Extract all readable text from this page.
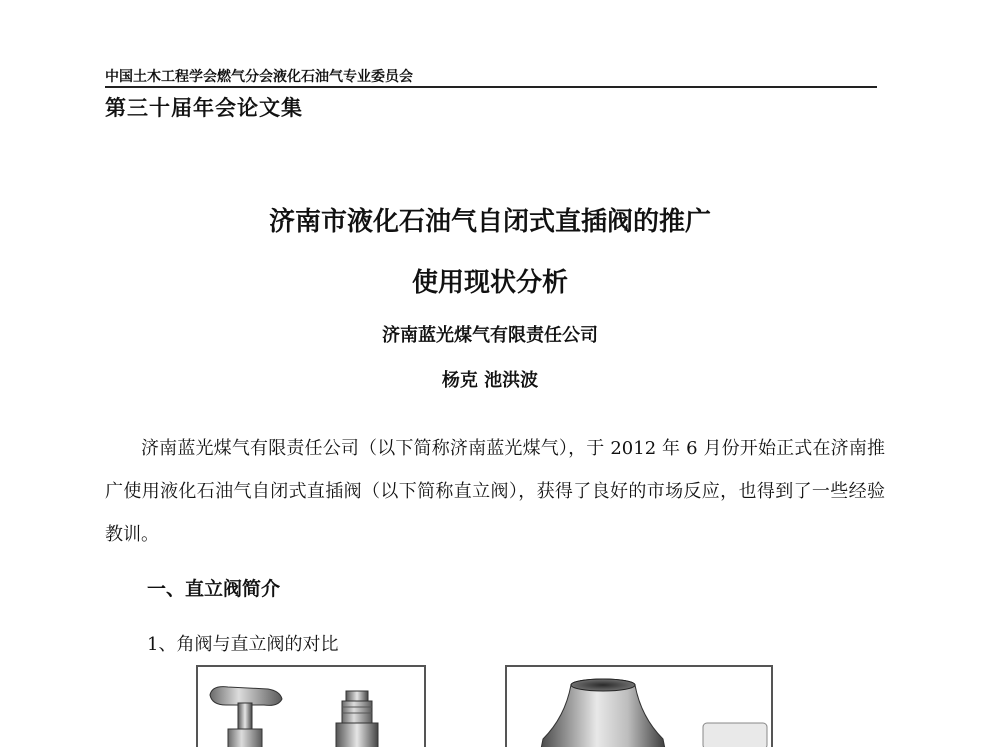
中国土木工程学会燃气分会液化石油气专业委员会
第三十届年会论文集
济南市液化石油气自闭式直插阀的推广
使用现状分析
济南蓝光煤气有限责任公司
杨克 池洪波
济南蓝光煤气有限责任公司（以下简称济南蓝光煤气），于 2012 年 6 月份开始正式在济南推广使用液化石油气自闭式直插阀（以下简称直立阀），获得了良好的市场反应，也得到了一些经验教训。
一、直立阀简介
1、角阀与直立阀的对比
